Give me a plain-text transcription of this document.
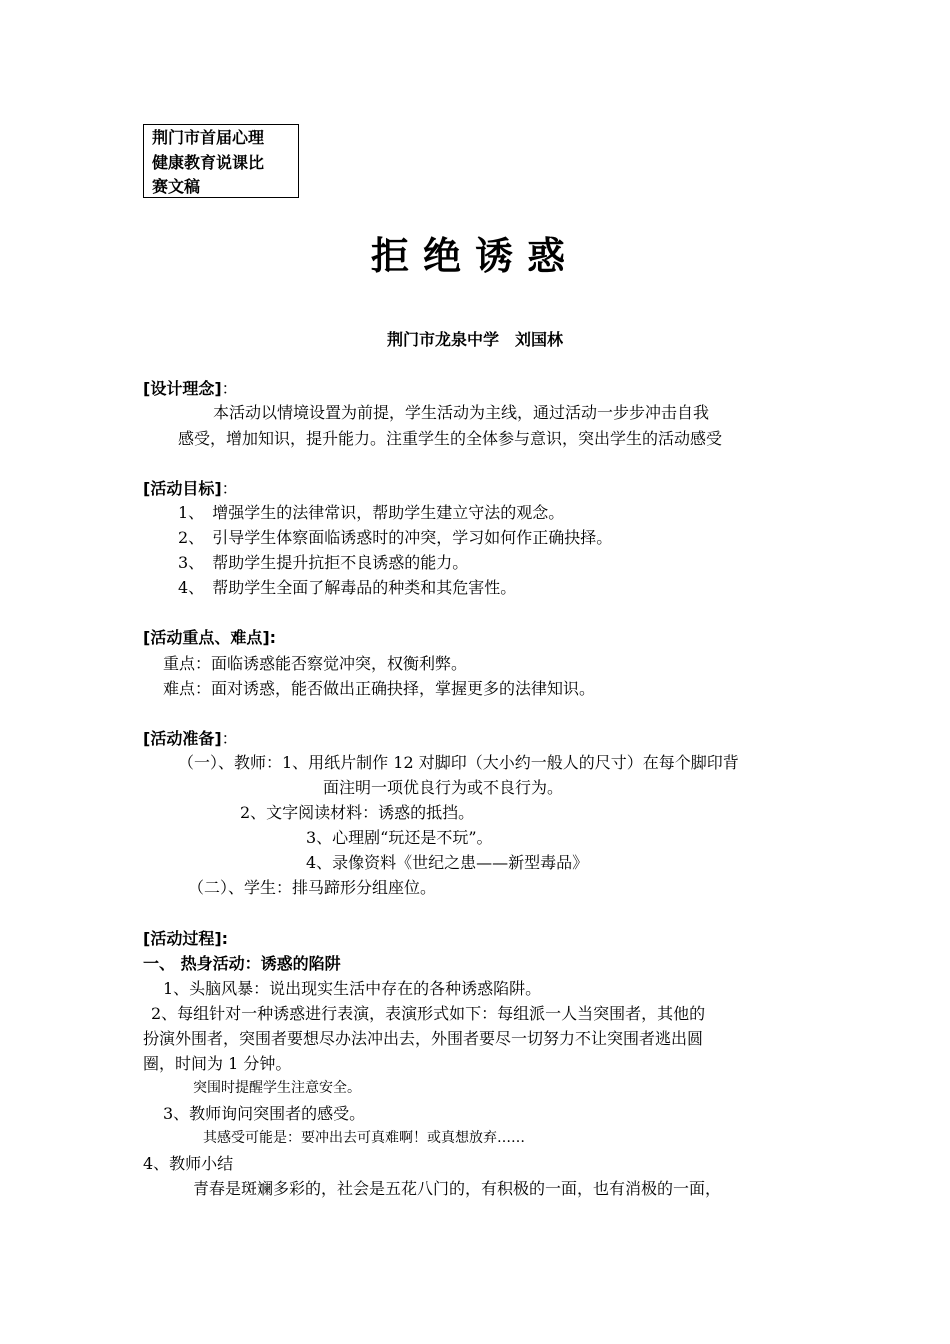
荆门市首届心理
健康教育说课比
赛文稿
拒绝诱惑
荆门市龙泉中学　刘国林
[设计理念]：
本活动以情境设置为前提，学生活动为主线，通过活动一步步冲击自我
感受，增加知识，提升能力。注重学生的全体参与意识，突出学生的活动感受
[活动目标]：
1、 增强学生的法律常识，帮助学生建立守法的观念。
2、 引导学生体察面临诱惑时的冲突，学习如何作正确抉择。
3、 帮助学生提升抗拒不良诱惑的能力。
4、 帮助学生全面了解毒品的种类和其危害性。
[活动重点、难点]:
重点：面临诱惑能否察觉冲突，权衡利弊。
难点：面对诱惑，能否做出正确抉择，掌握更多的法律知识。
[活动准备]：
（一）、教师：1、用纸片制作 12 对脚印（大小约一般人的尺寸）在每个脚印背
面注明一项优良行为或不良行为。
2、文字阅读材料：诱惑的抵挡。
3、心理剧“玩还是不玩”。
4、录像资料《世纪之患——新型毒品》
（二）、学生：排马蹄形分组座位。
[活动过程]:
一、 热身活动：诱惑的陷阱
1、头脑风暴：说出现实生活中存在的各种诱惑陷阱。
2、每组针对一种诱惑进行表演，表演形式如下：每组派一人当突围者，其他的
扮演外围者，突围者要想尽办法冲出去，外围者要尽一切努力不让突围者逃出圆
圈，时间为 1 分钟。
突围时提醒学生注意安全。
3、教师询问突围者的感受。
其感受可能是：要冲出去可真难啊！或真想放弃……
4、教师小结
青春是斑斓多彩的，社会是五花八门的，有积极的一面，也有消极的一面，
